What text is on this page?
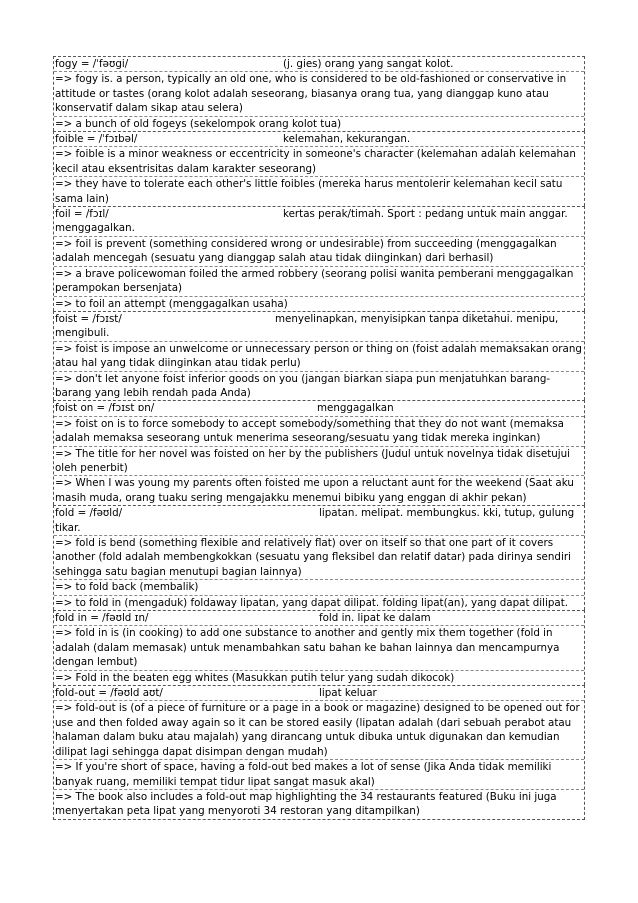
fogy = /ˈfəʊgi/	(j. gies) orang yang sangat kolot.
=> fogy is. a person, typically an old one, who is considered to be old-fashioned or conservative in attitude or tastes (orang kolot adalah seseorang, biasanya orang tua, yang dianggap kuno atau konservatif dalam sikap atau selera)
=> a bunch of old fogeys (sekelompok orang kolot tua)
foible = /ˈfɔɪbəl/	kelemahan, kekurangan.
=> foible is a minor weakness or eccentricity in someone's character (kelemahan adalah kelemahan kecil atau eksentrisitas dalam karakter seseorang)
=> they have to tolerate each other's little foibles (mereka harus mentolerir kelemahan kecil satu sama lain)
foil = /fɔɪl/	kertas perak/timah. Sport : pedang untuk main anggar. menggagalkan.
=> foil is prevent (something considered wrong or undesirable) from succeeding (menggagalkan adalah mencegah (sesuatu yang dianggap salah atau tidak diinginkan) dari berhasil)
=> a brave policewoman foiled the armed robbery (seorang polisi wanita pemberani menggagalkan perampokan bersenjata)
=> to foil an attempt (menggagalkan usaha)
foist = /fɔɪst/	menyelinapkan, menyisipkan tanpa diketahui. menipu, mengibuli.
=> foist is impose an unwelcome or unnecessary person or thing on (foist adalah memaksakan orang atau hal yang tidak diinginkan atau tidak perlu)
=> don't let anyone foist inferior goods on you (jangan biarkan siapa pun menjatuhkan barang-barang yang lebih rendah pada Anda)
foist on = /fɔɪst ɒn/	menggagalkan
=> foist on is to force somebody to accept somebody/something that they do not want (memaksa adalah memaksa seseorang untuk menerima seseorang/sesuatu yang tidak mereka inginkan)
=> The title for her novel was foisted on her by the publishers (Judul untuk novelnya tidak disetujui oleh penerbit)
=> When I was young my parents often foisted me upon a reluctant aunt for the weekend (Saat aku masih muda, orang tuaku sering mengajakku menemui bibiku yang enggan di akhir pekan)
fold = /fəʊld/	lipatan. melipat. membungkus. kki, tutup, gulung tikar.
=> fold is bend (something flexible and relatively flat) over on itself so that one part of it covers another (fold adalah membengkokkan (sesuatu yang fleksibel dan relatif datar) pada dirinya sendiri sehingga satu bagian menutupi bagian lainnya)
=> to fold back (membalik)
=> to fold in (mengaduk) foldaway lipatan, yang dapat dilipat. folding lipat(an), yang dapat dilipat.
fold in = /fəʊld ɪn/	fold in. lipat ke dalam
=> fold in is (in cooking) to add one substance to another and gently mix them together (fold in adalah (dalam memasak) untuk menambahkan satu bahan ke bahan lainnya dan mencampurnya dengan lembut)
=> Fold in the beaten egg whites (Masukkan putih telur yang sudah dikocok)
fold-out = /fəʊld aʊt/	lipat keluar
=> fold-out is (of a piece of furniture or a page in a book or magazine) designed to be opened out for use and then folded away again so it can be stored easily (lipatan adalah (dari sebuah perabot atau halaman dalam buku atau majalah) yang dirancang untuk dibuka untuk digunakan dan kemudian dilipat lagi sehingga dapat disimpan dengan mudah)
=> If you're short of space, having a fold-out bed makes a lot of sense (Jika Anda tidak memiliki banyak ruang, memiliki tempat tidur lipat sangat masuk akal)
=> The book also includes a fold-out map highlighting the 34 restaurants featured (Buku ini juga menyertakan peta lipat yang menyoroti 34 restoran yang ditampilkan)
